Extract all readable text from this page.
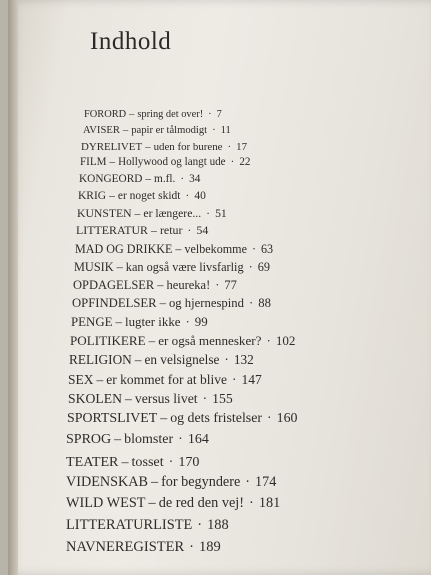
Indhold
FORORD – spring det over! · 7
AVISER – papir er tålmodigt · 11
DYRELIVET – uden for burene · 17
FILM – Hollywood og langt ude · 22
KONGEORD – m.fl. · 34
KRIG – er noget skidt · 40
KUNSTEN – er længere... · 51
LITTERATUR – retur · 54
MAD OG DRIKKE – velbekomme · 63
MUSIK – kan også være livsfarlig · 69
OPDAGELSER – heureka! · 77
OPFINDELSER – og hjernespind · 88
PENGE – lugter ikke · 99
POLITIKERE – er også mennesker? · 102
RELIGION – en velsignelse · 132
SEX – er kommet for at blive · 147
SKOLEN – versus livet · 155
SPORTSLIVET – og dets fristelser · 160
SPROG – blomster · 164
TEATER – tosset · 170
VIDENSKAB – for begyndere · 174
WILD WEST – de red den vej! · 181
LITTERATURLISTE · 188
NAVNEREGISTER · 189
